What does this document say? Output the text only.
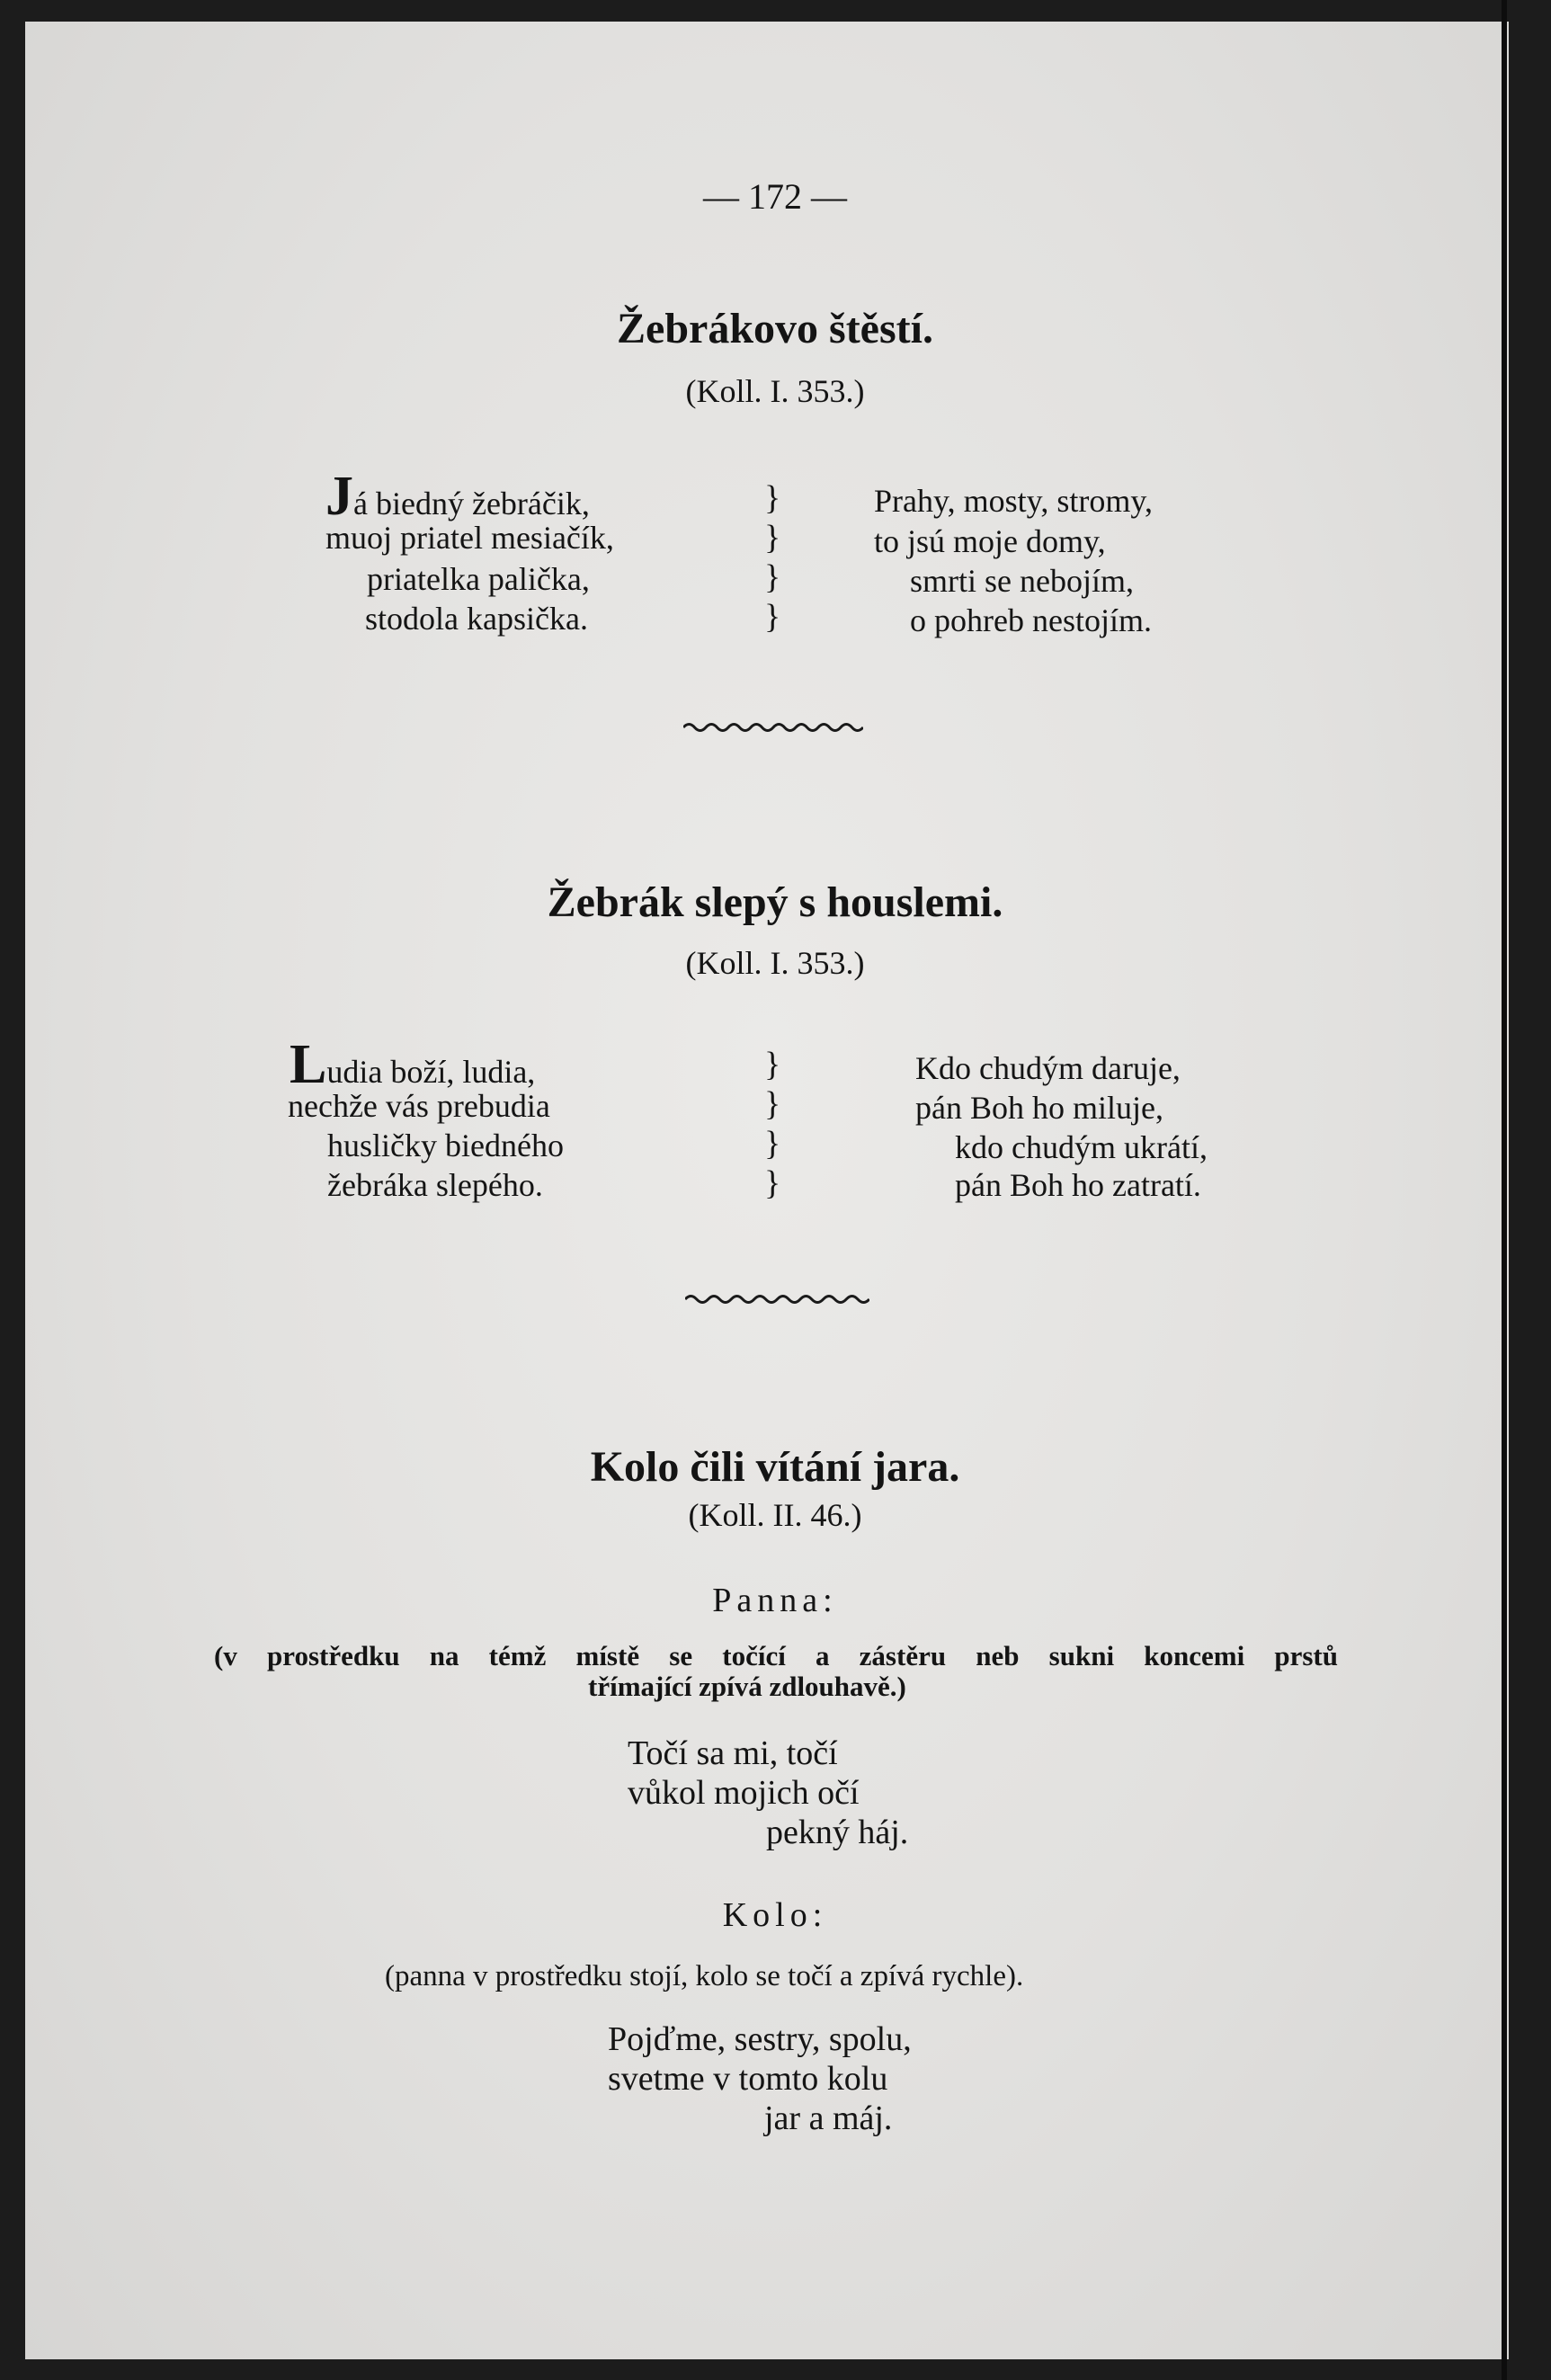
— 172 —
Žebrákovo štěstí.
(Koll. I. 353.)
Já biedný žebráčik,
muoj priatel mesiačík,
priatelka palička,
stodola kapsička.
}
}
}
}
Prahy, mosty, stromy,
to jsú moje domy,
smrti se nebojím,
o pohreb nestojím.
Žebrák slepý s houslemi.
(Koll. I. 353.)
Ludia boží, ludia,
nechže vás prebudia
husličky biedného
žebráka slepého.
}
}
}
}
Kdo chudým daruje,
pán Boh ho miluje,
kdo chudým ukrátí,
pán Boh ho zatratí.
Kolo čili vítání jara.
(Koll. II. 46.)
Panna:
(v prostředku na témž místě se točící a zástěru neb sukni koncemi prstů
třímající zpívá zdlouhavě.)
Točí sa mi, točí
vůkol mojich očí
pekný háj.
Kolo:
(panna v prostředku stojí, kolo se točí a zpívá rychle).
Pojďme, sestry, spolu,
svetme v tomto kolu
jar a máj.
